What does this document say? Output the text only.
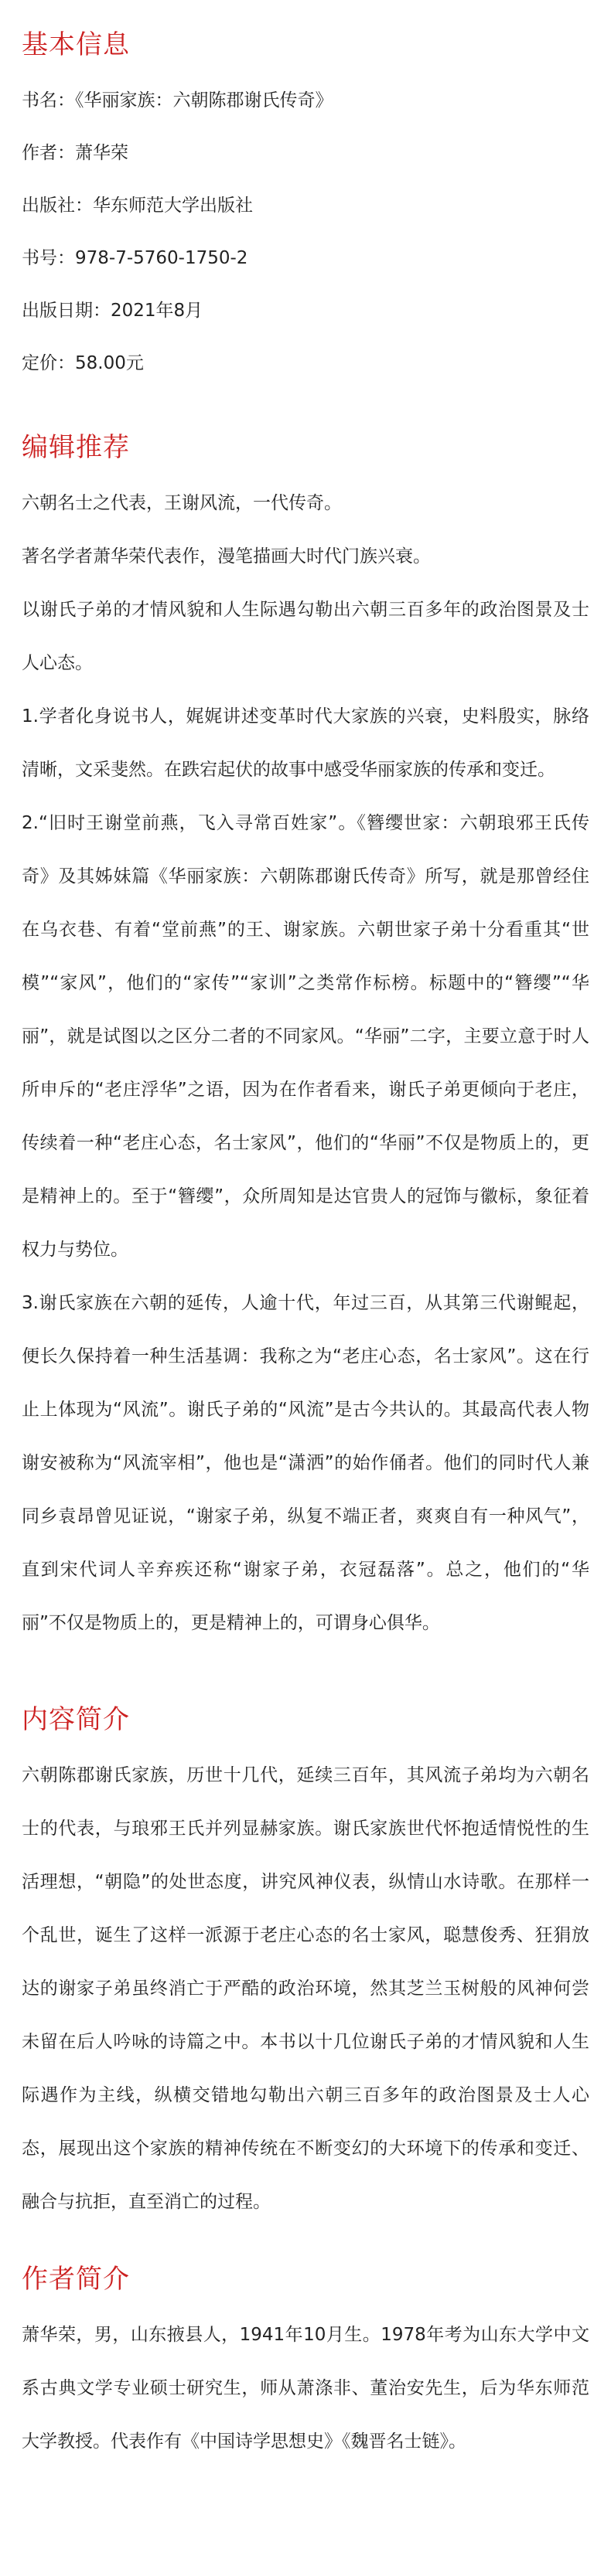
基本信息

书名：《华丽家族：六朝陈郡谢氏传奇》

作者：萧华荣

出版社：华东师范大学出版社

书号：978-7-5760-1750-2

出版日期：2021年8月

定价：58.00元

编辑推荐

六朝名士之代表，王谢风流，一代传奇。

著名学者萧华荣代表作，漫笔描画大时代门族兴衰。

以谢氏子弟的才情风貌和人生际遇勾勒出六朝三百多年的政治图景及士人心态。

1.学者化身说书人，娓娓讲述变革时代大家族的兴衰，史料殷实，脉络清晰，文采斐然。在跌宕起伏的故事中感受华丽家族的传承和变迁。

2.“旧时王谢堂前燕，飞入寻常百姓家”。《簪缨世家：六朝琅邪王氏传奇》及其姊妹篇《华丽家族：六朝陈郡谢氏传奇》所写，就是那曾经住在乌衣巷、有着“堂前燕”的王、谢家族。六朝世家子弟十分看重其“世模”“家风”，他们的“家传”“家训”之类常作标榜。标题中的“簪缨”“华丽”，就是试图以之区分二者的不同家风。“华丽”二字，主要立意于时人所申斥的“老庄浮华”之语，因为在作者看来，谢氏子弟更倾向于老庄，传续着一种“老庄心态，名士家风”，他们的“华丽”不仅是物质上的，更是精神上的。至于“簪缨”，众所周知是达官贵人的冠饰与徽标，象征着权力与势位。

3.谢氏家族在六朝的延传，人逾十代，年过三百，从其第三代谢鲲起，便长久保持着一种生活基调：我称之为“老庄心态，名士家风”。这在行止上体现为“风流”。谢氏子弟的“风流”是古今共认的。其最高代表人物谢安被称为“风流宰相”，他也是“潇洒”的始作俑者。他们的同时代人兼同乡袁昂曾见证说，“谢家子弟，纵复不端正者，爽爽自有一种风气”，直到宋代词人辛弃疾还称“谢家子弟，衣冠磊落”。总之，他们的“华丽”不仅是物质上的，更是精神上的，可谓身心俱华。

内容简介

六朝陈郡谢氏家族，历世十几代，延续三百年，其风流子弟均为六朝名士的代表，与琅邪王氏并列显赫家族。谢氏家族世代怀抱适情悦性的生活理想，“朝隐”的处世态度，讲究风神仪表，纵情山水诗歌。在那样一个乱世，诞生了这样一派源于老庄心态的名士家风，聪慧俊秀、狂狷放达的谢家子弟虽终消亡于严酷的政治环境，然其芝兰玉树般的风神何尝未留在后人吟咏的诗篇之中。本书以十几位谢氏子弟的才情风貌和人生际遇作为主线，纵横交错地勾勒出六朝三百多年的政治图景及士人心态，展现出这个家族的精神传统在不断变幻的大环境下的传承和变迁、融合与抗拒，直至消亡的过程。

作者简介

萧华荣，男，山东掖县人，1941年10月生。1978年考为山东大学中文系古典文学专业硕士研究生，师从萧涤非、董治安先生，后为华东师范大学教授。代表作有《中国诗学思想史》《魏晋名士链》。
